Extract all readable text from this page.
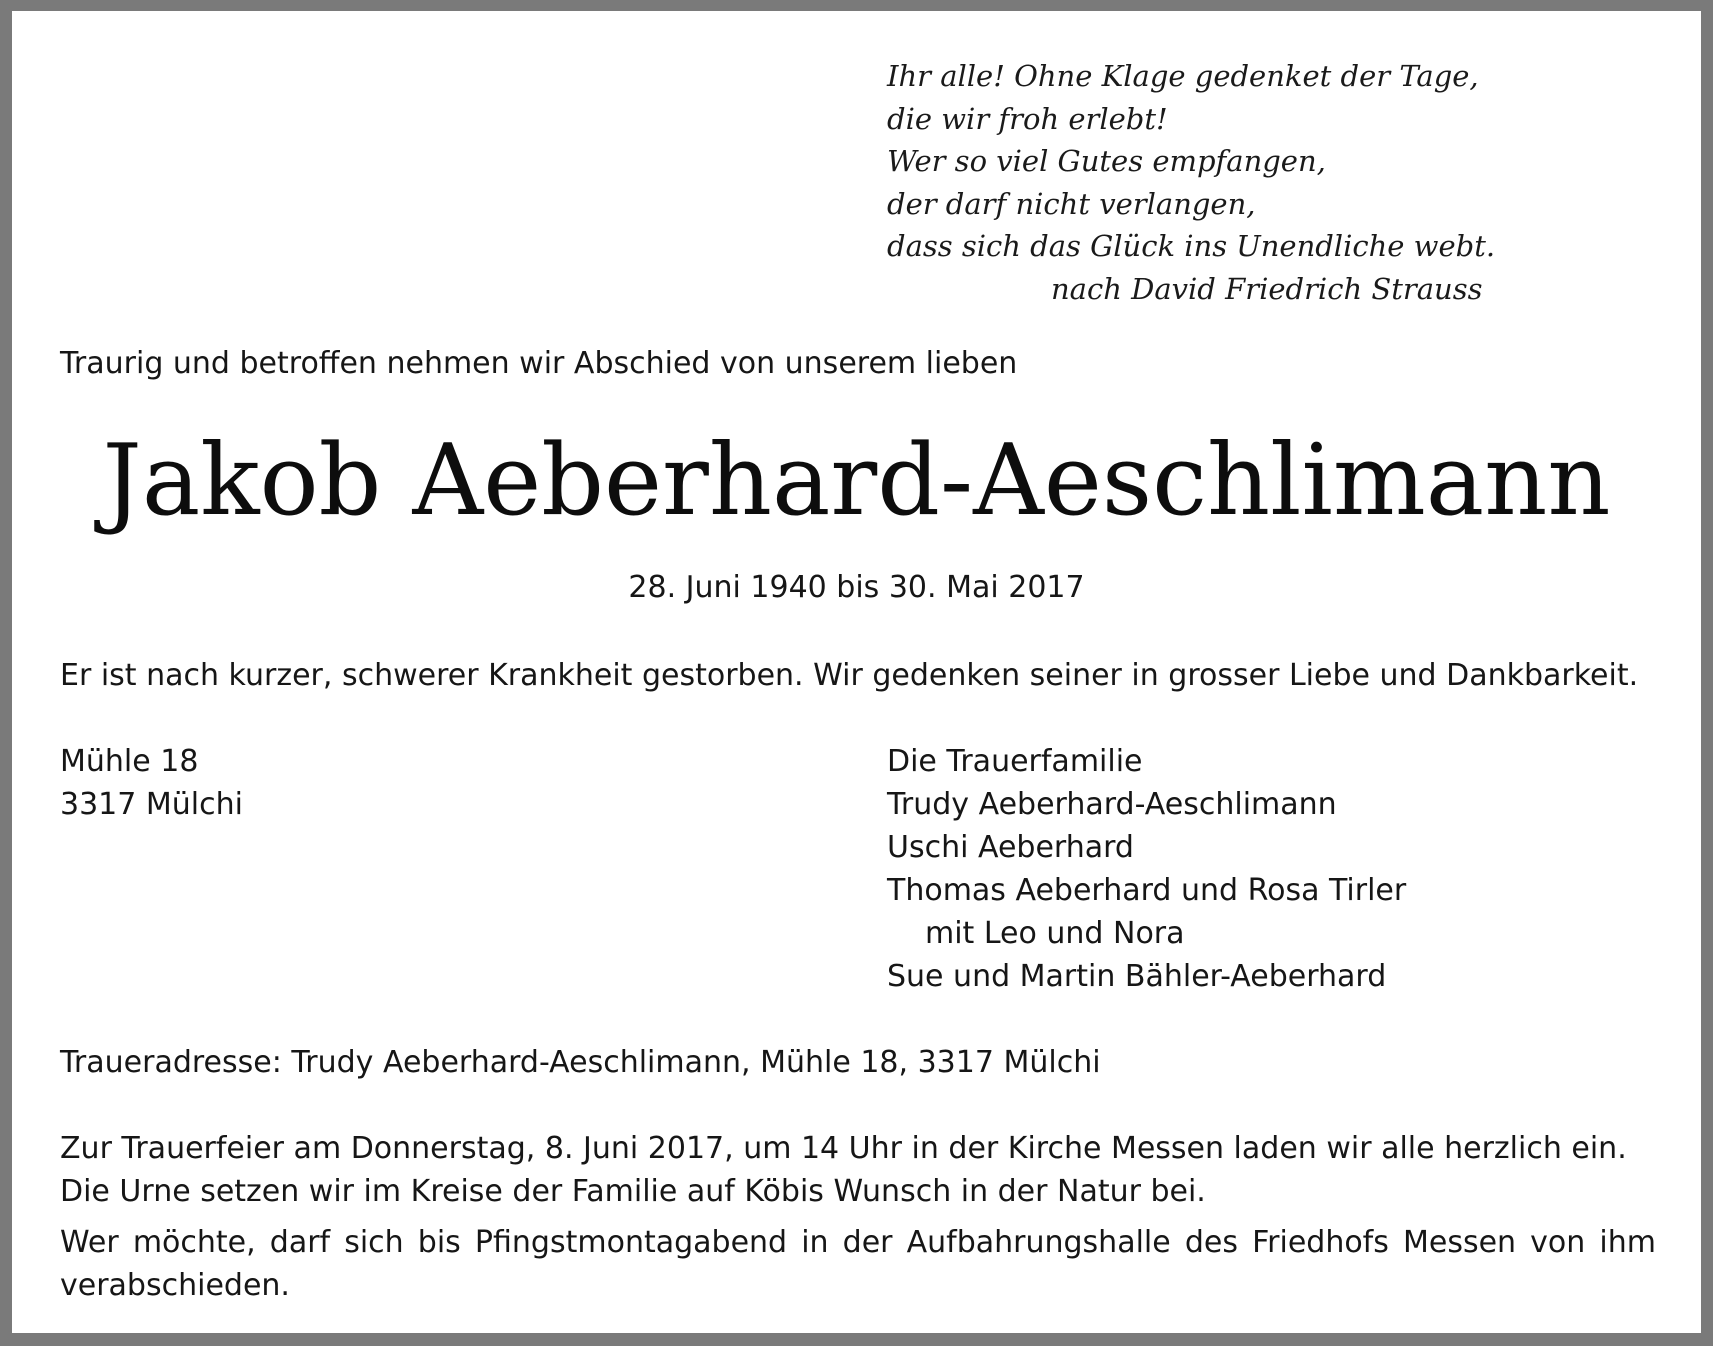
Ihr alle! Ohne Klage gedenket der Tage,
die wir froh erlebt!
Wer so viel Gutes empfangen,
der darf nicht verlangen,
dass sich das Glück ins Unendliche webt.
nach David Friedrich Strauss
Traurig und betroffen nehmen wir Abschied von unserem lieben
Jakob Aeberhard-Aeschlimann
28. Juni 1940 bis 30. Mai 2017
Er ist nach kurzer, schwerer Krankheit gestorben. Wir gedenken seiner in grosser Liebe und Dankbarkeit.
Mühle 18
3317 Mülchi
Die Trauerfamilie
Trudy Aeberhard-Aeschlimann
Uschi Aeberhard
Thomas Aeberhard und Rosa Tirler
mit Leo und Nora
Sue und Martin Bähler-Aeberhard
Traueradresse: Trudy Aeberhard-Aeschlimann, Mühle 18, 3317 Mülchi
Zur Trauerfeier am Donnerstag, 8. Juni 2017, um 14 Uhr in der Kirche Messen laden wir alle herzlich ein.
Die Urne setzen wir im Kreise der Familie auf Köbis Wunsch in der Natur bei.
Wer möchte, darf sich bis Pfingstmontagabend in der Aufbahrungshalle des Friedhofs Messen von ihm verabschieden.
